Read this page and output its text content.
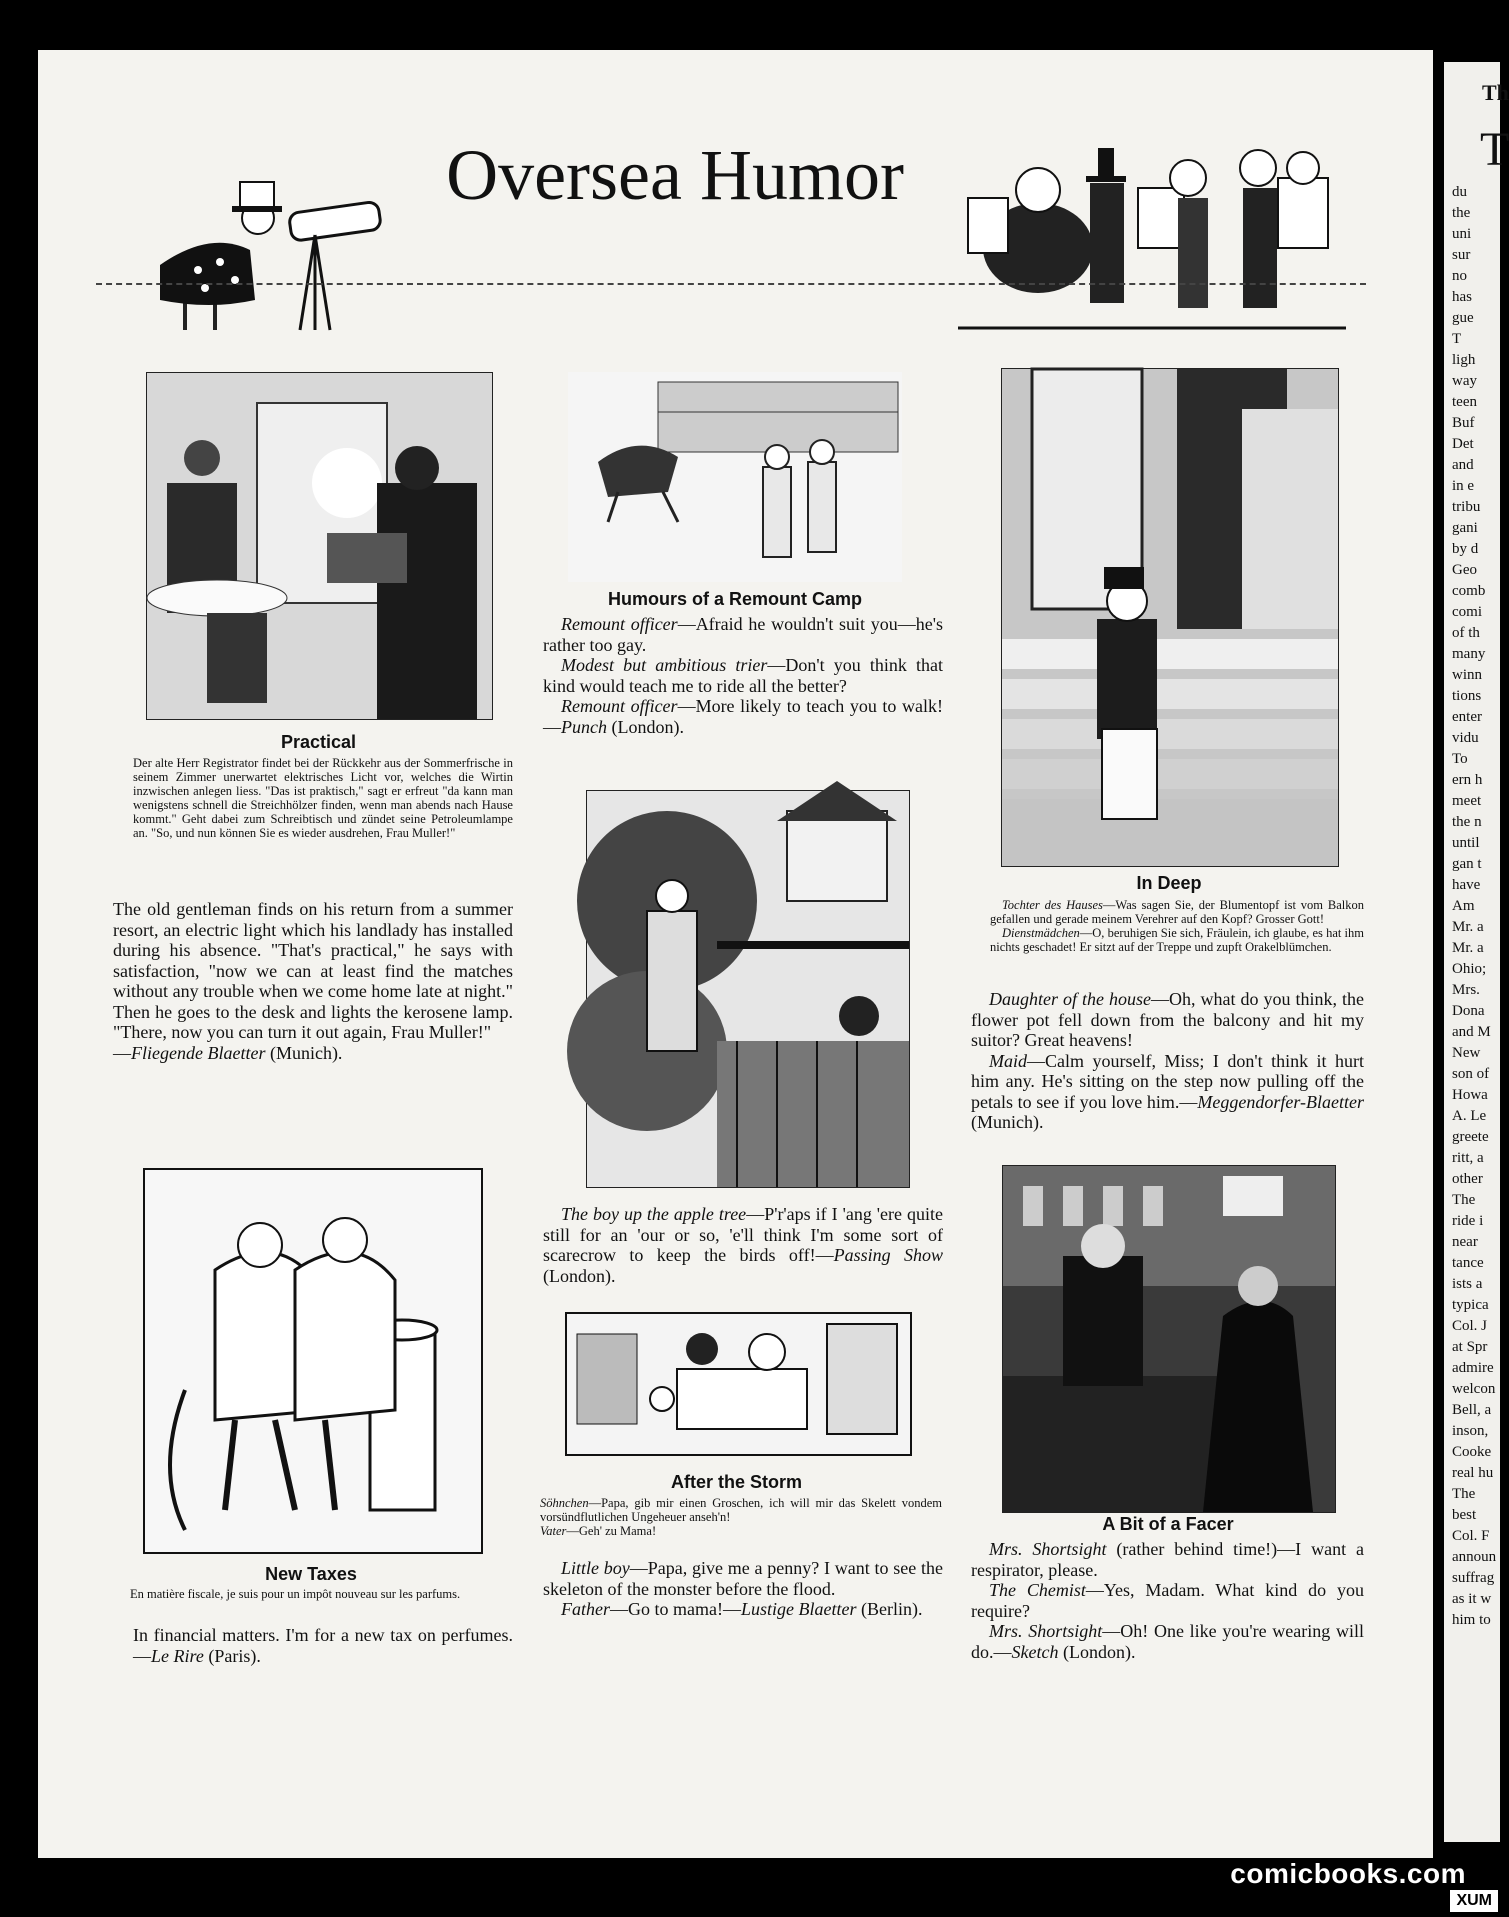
Th
T
du
the
uni
sur
no
has
gue
T
ligh
way
teen
Buf
Det
and
in e
tribu
gani
by d
Geo
comb
comi
of th
many
winn
tions
enter
vidu
To
ern h
meet
the n
until
gan t
have
Am
Mr. a
Mr. a
Ohio;
Mrs.
Dona
and M
New
son of
Howa
A. Le
greete
ritt, a
other
The
ride i
near
tance
ists a
typica
Col. J
at Spr
admire
welcon
Bell, a
inson,
Cooke
real hu
The
best
Col. F
announ
suffrag
as it w
him to
Oversea Humor
Practical
Der alte Herr Registrator findet bei der Rückkehr aus der Sommerfrische in seinem Zimmer unerwartet elektrisches Licht vor, welches die Wirtin inzwischen anlegen liess. "Das ist praktisch," sagt er erfreut "da kann man wenigstens schnell die Streichhölzer finden, wenn man abends nach Hause kommt." Geht dabei zum Schreibtisch und zündet seine Petroleumlampe an. "So, und nun können Sie es wieder ausdrehen, Frau Muller!"
The old gentleman finds on his return from a summer resort, an electric light which his landlady has installed during his absence. "That's practical," he says with satisfaction, "now we can at least find the matches without any trouble when we come home late at night." Then he goes to the desk and lights the kerosene lamp. "There, now you can turn it out again, Frau Muller!"
—Fliegende Blaetter (Munich).
New Taxes
En matière fiscale, je suis pour un impôt nouveau sur les parfums.
In financial matters. I'm for a new tax on perfumes.—Le Rire (Paris).
Humours of a Remount Camp
Remount officer—Afraid he wouldn't suit you—he's rather too gay.
Modest but ambitious trier—Don't you think that kind would teach me to ride all the better?
Remount officer—More likely to teach you to walk!—Punch (London).
The boy up the apple tree—P'r'aps if I 'ang 'ere quite still for an 'our or so, 'e'll think I'm some sort of scarecrow to keep the birds off!—Passing Show (London).
After the Storm
Söhnchen—Papa, gib mir einen Groschen, ich will mir das Skelett vondem vorsündflutlichen Ungeheuer anseh'n!
Vater—Geh' zu Mama!
Little boy—Papa, give me a penny? I want to see the skeleton of the monster before the flood.
Father—Go to mama!—Lustige Blaetter (Berlin).
In Deep
Tochter des Hauses—Was sagen Sie, der Blumentopf ist vom Balkon gefallen und gerade meinem Verehrer auf den Kopf? Grosser Gott!
Dienstmädchen—O, beruhigen Sie sich, Fräulein, ich glaube, es hat ihm nichts geschadet! Er sitzt auf der Treppe und zupft Orakelblümchen.
Daughter of the house—Oh, what do you think, the flower pot fell down from the balcony and hit my suitor? Great heavens!
Maid—Calm yourself, Miss; I don't think it hurt him any. He's sitting on the step now pulling off the petals to see if you love him.—Meggendorfer-Blaetter (Munich).
A Bit of a Facer
Mrs. Shortsight (rather behind time!)—I want a respirator, please.
The Chemist—Yes, Madam. What kind do you require?
Mrs. Shortsight—Oh! One like you're wearing will do.—Sketch (London).
comicbooks.com
XUM
